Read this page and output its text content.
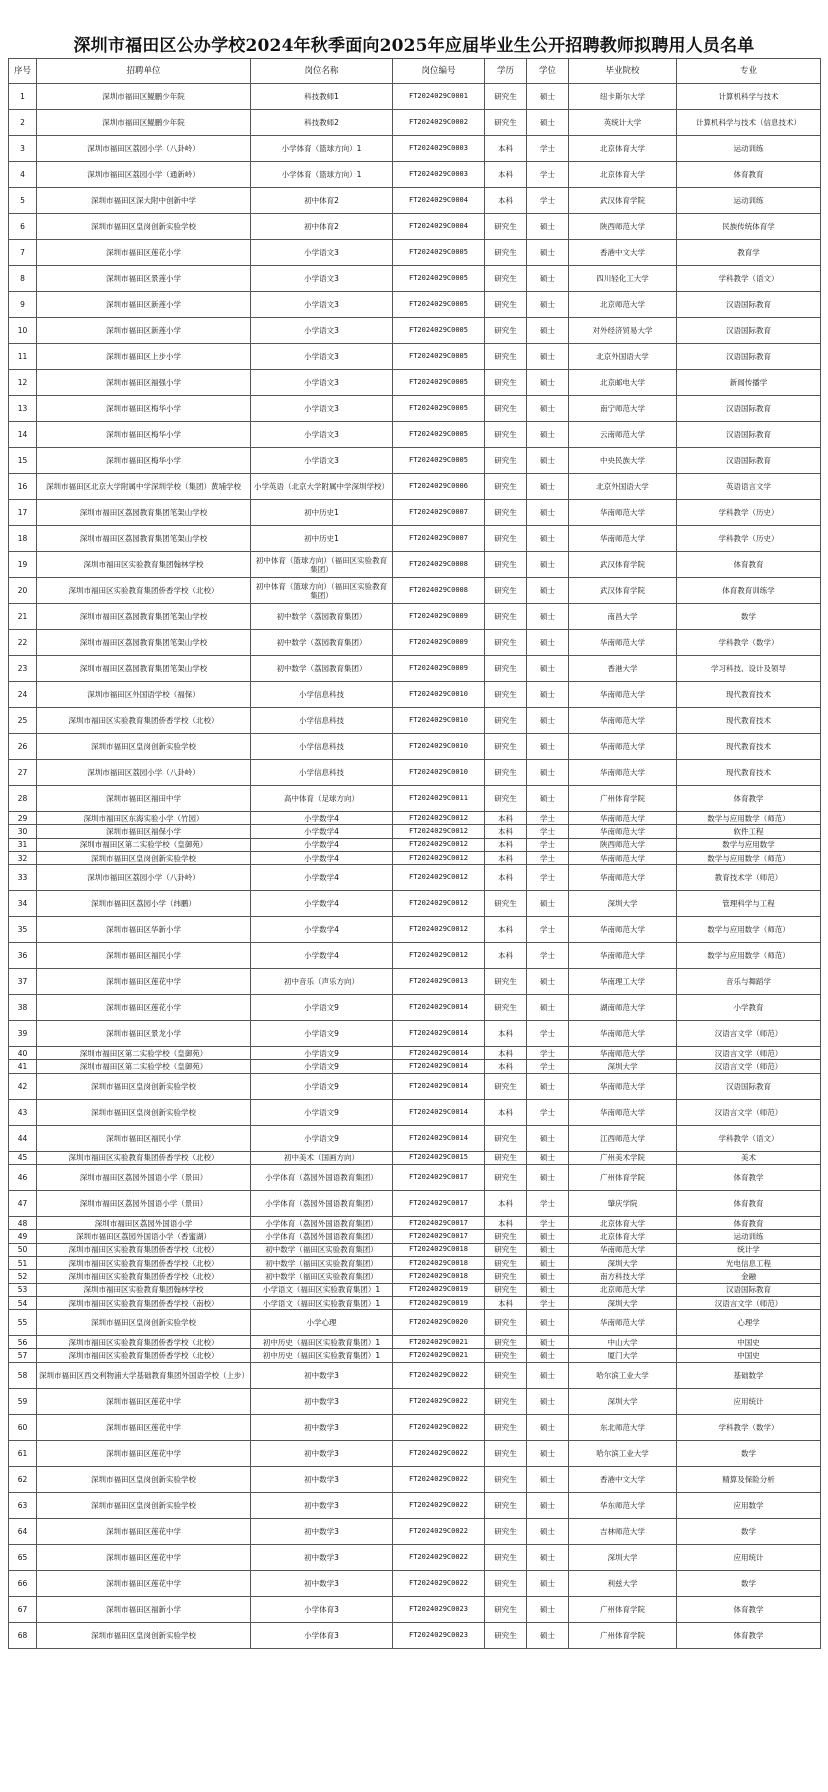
深圳市福田区公办学校2024年秋季面向2025年应届毕业生公开招聘教师拟聘用人员名单
序号	招聘单位	岗位名称	岗位编号	学历	学位	毕业院校	专业
1	深圳市福田区鲲鹏少年院	科技教师1	FT2024029C0001	研究生	硕士	纽卡斯尔大学	计算机科学与技术
2	深圳市福田区鲲鹏少年院	科技教师2	FT2024029C0002	研究生	硕士	英统计大学	计算机科学与技术（信息技术）
3	深圳市福田区荔园小学（八卦岭）	小学体育（篮球方向）1	FT2024029C0003	本科	学士	北京体育大学	运动训练
4	深圳市福田区荔园小学（通新岭）	小学体育（篮球方向）1	FT2024029C0003	本科	学士	北京体育大学	体育教育
5	深圳市福田区深大附中创新中学	初中体育2	FT2024029C0004	本科	学士	武汉体育学院	运动训练
6	深圳市福田区皇岗创新实验学校	初中体育2	FT2024029C0004	研究生	硕士	陕西师范大学	民族传统体育学
7	深圳市福田区莲花小学	小学语文3	FT2024029C0005	研究生	硕士	香港中文大学	教育学
8	深圳市福田区景莲小学	小学语文3	FT2024029C0005	研究生	硕士	四川轻化工大学	学科教学（语文）
9	深圳市福田区新莲小学	小学语文3	FT2024029C0005	研究生	硕士	北京师范大学	汉语国际教育
10	深圳市福田区新莲小学	小学语文3	FT2024029C0005	研究生	硕士	对外经济贸易大学	汉语国际教育
11	深圳市福田区上步小学	小学语文3	FT2024029C0005	研究生	硕士	北京外国语大学	汉语国际教育
12	深圳市福田区福强小学	小学语文3	FT2024029C0005	研究生	硕士	北京邮电大学	新闻传播学
13	深圳市福田区梅华小学	小学语文3	FT2024029C0005	研究生	硕士	南宁师范大学	汉语国际教育
14	深圳市福田区梅华小学	小学语文3	FT2024029C0005	研究生	硕士	云南师范大学	汉语国际教育
15	深圳市福田区梅华小学	小学语文3	FT2024029C0005	研究生	硕士	中央民族大学	汉语国际教育
16	深圳市福田区北京大学附属中学深圳学校（集团）黄埔学校	小学英语（北京大学附属中学深圳学校）	FT2024029C0006	研究生	硕士	北京外国语大学	英语语言文学
17	深圳市福田区荔园教育集团笔架山学校	初中历史1	FT2024029C0007	研究生	硕士	华南师范大学	学科教学（历史）
18	深圳市福田区荔园教育集团笔架山学校	初中历史1	FT2024029C0007	研究生	硕士	华南师范大学	学科教学（历史）
19	深圳市福田区实验教育集团翰林学校	初中体育（篮球方向）（福田区实验教育集团）	FT2024029C0008	研究生	硕士	武汉体育学院	体育教育
20	深圳市福田区实验教育集团侨香学校（北校）	初中体育（篮球方向）（福田区实验教育集团）	FT2024029C0008	研究生	硕士	武汉体育学院	体育教育训练学
21	深圳市福田区荔园教育集团笔架山学校	初中数学（荔园教育集团）	FT2024029C0009	研究生	硕士	南昌大学	数学
22	深圳市福田区荔园教育集团笔架山学校	初中数学（荔园教育集团）	FT2024029C0009	研究生	硕士	华南师范大学	学科教学（数学）
23	深圳市福田区荔园教育集团笔架山学校	初中数学（荔园教育集团）	FT2024029C0009	研究生	硕士	香港大学	学习科技、设计及领导
24	深圳市福田区外国语学校（福保）	小学信息科技	FT2024029C0010	研究生	硕士	华南师范大学	现代教育技术
25	深圳市福田区实验教育集团侨香学校（北校）	小学信息科技	FT2024029C0010	研究生	硕士	华南师范大学	现代教育技术
26	深圳市福田区皇岗创新实验学校	小学信息科技	FT2024029C0010	研究生	硕士	华南师范大学	现代教育技术
27	深圳市福田区荔园小学（八卦岭）	小学信息科技	FT2024029C0010	研究生	硕士	华南师范大学	现代教育技术
28	深圳市福田区福田中学	高中体育（足球方向）	FT2024029C0011	研究生	硕士	广州体育学院	体育教学
29	深圳市福田区东海实验小学（竹园）	小学数学4	FT2024029C0012	本科	学士	华南师范大学	数学与应用数学（师范）
30	深圳市福田区福保小学	小学数学4	FT2024029C0012	本科	学士	华南师范大学	软件工程
31	深圳市福田区第二实验学校（皇御苑）	小学数学4	FT2024029C0012	本科	学士	陕西师范大学	数学与应用数学
32	深圳市福田区皇岗创新实验学校	小学数学4	FT2024029C0012	本科	学士	华南师范大学	数学与应用数学（师范）
33	深圳市福田区荔园小学（八卦岭）	小学数学4	FT2024029C0012	本科	学士	华南师范大学	教育技术学（师范）
34	深圳市福田区荔园小学（纬鹏）	小学数学4	FT2024029C0012	研究生	硕士	深圳大学	管理科学与工程
35	深圳市福田区华新小学	小学数学4	FT2024029C0012	本科	学士	华南师范大学	数学与应用数学（师范）
36	深圳市福田区福民小学	小学数学4	FT2024029C0012	本科	学士	华南师范大学	数学与应用数学（师范）
37	深圳市福田区莲花中学	初中音乐（声乐方向）	FT2024029C0013	研究生	硕士	华南理工大学	音乐与舞蹈学
38	深圳市福田区莲花小学	小学语文9	FT2024029C0014	研究生	硕士	湖南师范大学	小学教育
39	深圳市福田区景龙小学	小学语文9	FT2024029C0014	本科	学士	华南师范大学	汉语言文学（师范）
40	深圳市福田区第二实验学校（皇御苑）	小学语文9	FT2024029C0014	本科	学士	华南师范大学	汉语言文学（师范）
41	深圳市福田区第二实验学校（皇御苑）	小学语文9	FT2024029C0014	本科	学士	深圳大学	汉语言文学（师范）
42	深圳市福田区皇岗创新实验学校	小学语文9	FT2024029C0014	研究生	硕士	华南师范大学	汉语国际教育
43	深圳市福田区皇岗创新实验学校	小学语文9	FT2024029C0014	本科	学士	华南师范大学	汉语言文学（师范）
44	深圳市福田区福民小学	小学语文9	FT2024029C0014	研究生	硕士	江西师范大学	学科教学（语文）
45	深圳市福田区实验教育集团侨香学校（北校）	初中美术（国画方向）	FT2024029C0015	研究生	硕士	广州美术学院	美术
46	深圳市福田区荔园外国语小学（景田）	小学体育（荔园外国语教育集团）	FT2024029C0017	研究生	硕士	广州体育学院	体育教学
47	深圳市福田区荔园外国语小学（景田）	小学体育（荔园外国语教育集团）	FT2024029C0017	本科	学士	肇庆学院	体育教育
48	深圳市福田区荔园外国语小学	小学体育（荔园外国语教育集团）	FT2024029C0017	本科	学士	北京体育大学	体育教育
49	深圳市福田区荔园外国语小学（香蜜湖）	小学体育（荔园外国语教育集团）	FT2024029C0017	研究生	硕士	北京体育大学	运动训练
50	深圳市福田区实验教育集团侨香学校（北校）	初中数学（福田区实验教育集团）	FT2024029C0018	研究生	硕士	华南师范大学	统计学
51	深圳市福田区实验教育集团侨香学校（北校）	初中数学（福田区实验教育集团）	FT2024029C0018	研究生	硕士	深圳大学	光电信息工程
52	深圳市福田区实验教育集团侨香学校（北校）	初中数学（福田区实验教育集团）	FT2024029C0018	研究生	硕士	南方科技大学	金融
53	深圳市福田区实验教育集团翰林学校	小学语文（福田区实验教育集团）1	FT2024029C0019	研究生	硕士	北京师范大学	汉语国际教育
54	深圳市福田区实验教育集团侨香学校（南校）	小学语文（福田区实验教育集团）1	FT2024029C0019	本科	学士	深圳大学	汉语言文学（师范）
55	深圳市福田区皇岗创新实验学校	小学心理	FT2024029C0020	研究生	硕士	华南师范大学	心理学
56	深圳市福田区实验教育集团侨香学校（北校）	初中历史（福田区实验教育集团）1	FT2024029C0021	研究生	硕士	中山大学	中国史
57	深圳市福田区实验教育集团侨香学校（北校）	初中历史（福田区实验教育集团）1	FT2024029C0021	研究生	硕士	厦门大学	中国史
58	深圳市福田区西交利物浦大学基础教育集团外国语学校（上步）	初中数学3	FT2024029C0022	研究生	硕士	哈尔滨工业大学	基础数学
59	深圳市福田区莲花中学	初中数学3	FT2024029C0022	研究生	硕士	深圳大学	应用统计
60	深圳市福田区莲花中学	初中数学3	FT2024029C0022	研究生	硕士	东北师范大学	学科教学（数学）
61	深圳市福田区莲花中学	初中数学3	FT2024029C0022	研究生	硕士	哈尔滨工业大学	数学
62	深圳市福田区皇岗创新实验学校	初中数学3	FT2024029C0022	研究生	硕士	香港中文大学	精算及保险分析
63	深圳市福田区皇岗创新实验学校	初中数学3	FT2024029C0022	研究生	硕士	华东师范大学	应用数学
64	深圳市福田区莲花中学	初中数学3	FT2024029C0022	研究生	硕士	吉林师范大学	数学
65	深圳市福田区莲花中学	初中数学3	FT2024029C0022	研究生	硕士	深圳大学	应用统计
66	深圳市福田区莲花中学	初中数学3	FT2024029C0022	研究生	硕士	利兹大学	数学
67	深圳市福田区福新小学	小学体育3	FT2024029C0023	研究生	硕士	广州体育学院	体育教学
68	深圳市福田区皇岗创新实验学校	小学体育3	FT2024029C0023	研究生	硕士	广州体育学院	体育教学
